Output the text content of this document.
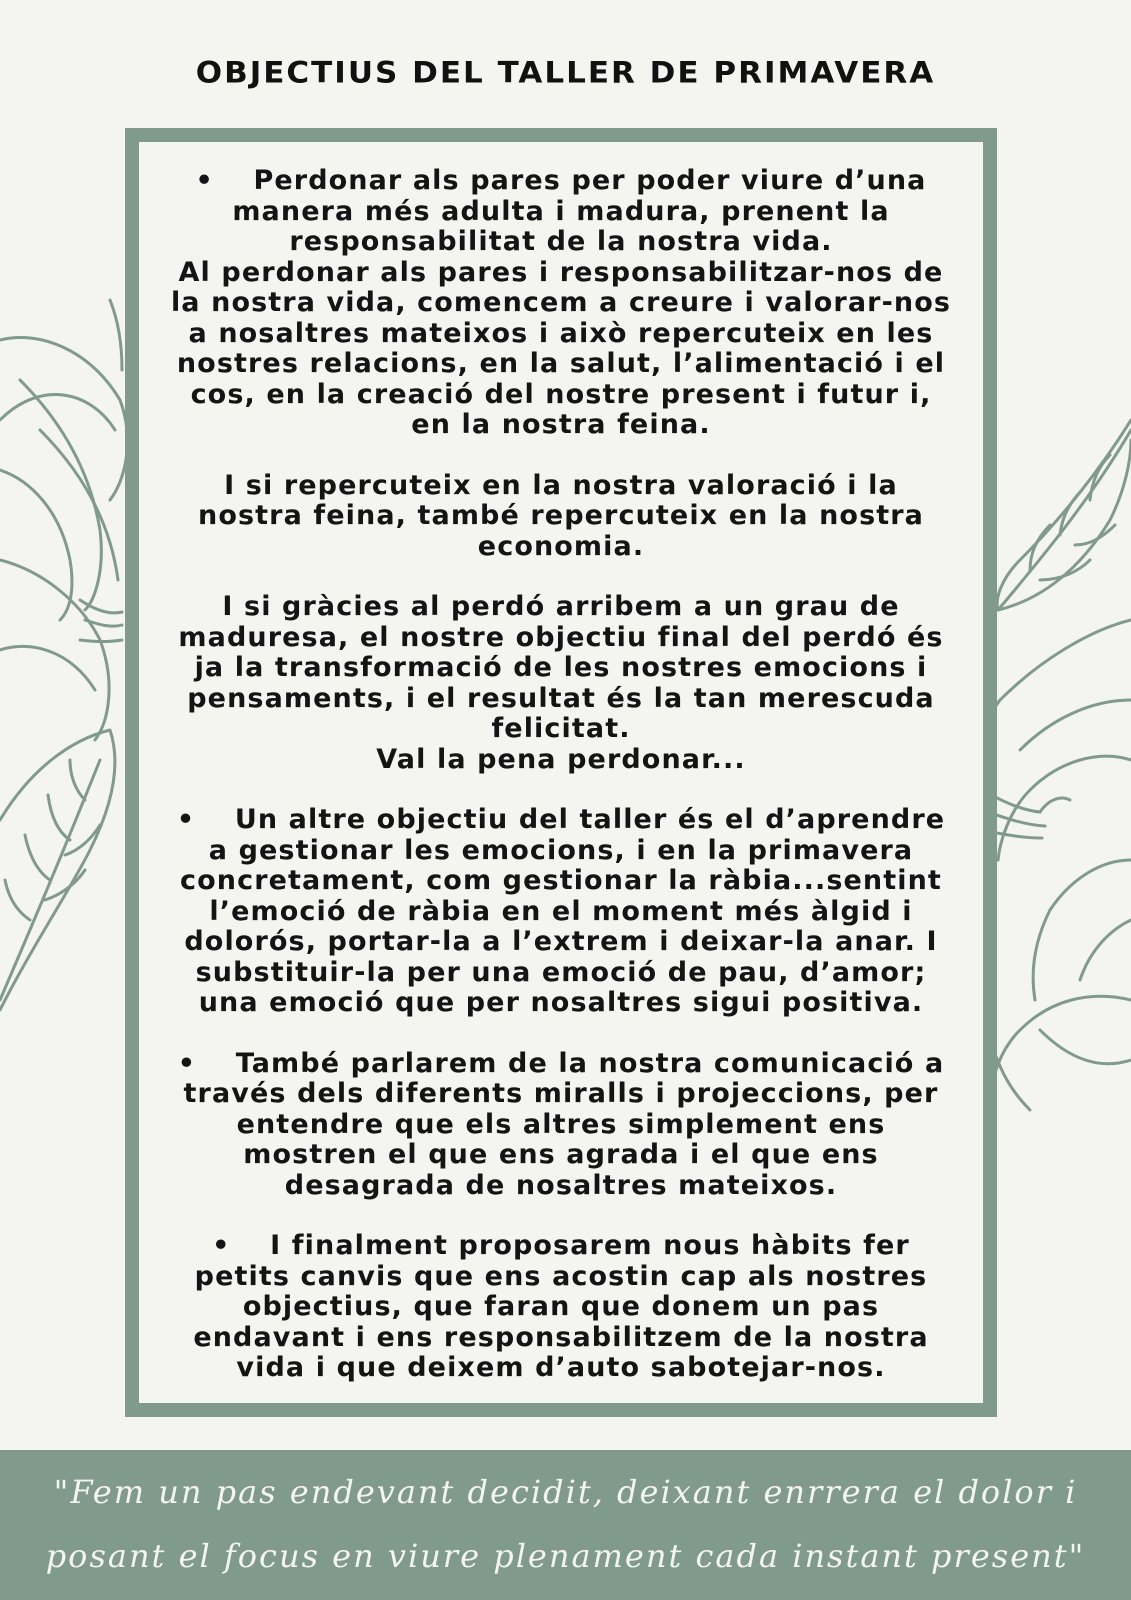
OBJECTIUS DEL TALLER DE PRIMAVERA

• Perdonar als pares per poder viure d’una
manera més adulta i madura, prenent la
responsabilitat de la nostra vida.
Al perdonar als pares i responsabilitzar-nos de
la nostra vida, comencem a creure i valorar-nos
a nosaltres mateixos i això repercuteix en les
nostres relacions, en la salut, l’alimentació i el
cos, en la creació del nostre present i futur i,
en la nostra feina.

I si repercuteix en la nostra valoració i la
nostra feina, també repercuteix en la nostra
economia.

I si gràcies al perdó arribem a un grau de
maduresa, el nostre objectiu final del perdó és
ja la transformació de les nostres emocions i
pensaments, i el resultat és la tan merescuda
felicitat.
Val la pena perdonar...

• Un altre objectiu del taller és el d’aprendre
a gestionar les emocions, i en la primavera
concretament, com gestionar la ràbia...sentint
l’emoció de ràbia en el moment més àlgid i
dolorós, portar-la a l’extrem i deixar-la anar. I
substituir-la per una emoció de pau, d’amor;
una emoció que per nosaltres sigui positiva.

• També parlarem de la nostra comunicació a
través dels diferents miralls i projeccions, per
entendre que els altres simplement ens
mostren el que ens agrada i el que ens
desagrada de nosaltres mateixos.

• I finalment proposarem nous hàbits fer
petits canvis que ens acostin cap als nostres
objectius, que faran que donem un pas
endavant i ens responsabilitzem de la nostra
vida i que deixem d’auto sabotejar-nos.

"Fem un pas endevant decidit, deixant enrrera el dolor i
posant el focus en viure plenament cada instant present"
